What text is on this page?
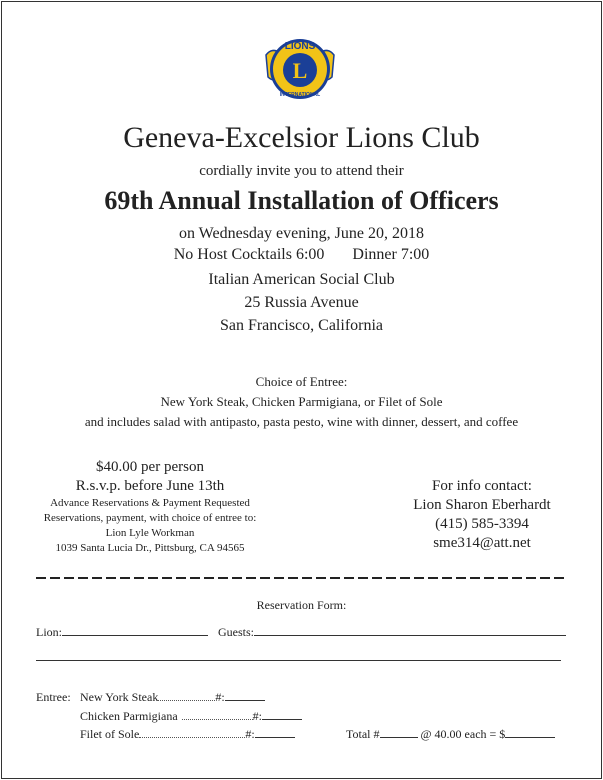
LIONS
L
INTERNATIONAL
Geneva-Excelsior Lions Club
cordially invite you to attend their
69th Annual Installation of Officers
on Wednesday evening, June 20, 2018
No Host Cocktails 6:00 Dinner 7:00
Italian American Social Club
25 Russia Avenue
San Francisco, California
Choice of Entree:
New York Steak, Chicken Parmigiana, or Filet of Sole
and includes salad with antipasto, pasta pesto, wine with dinner, dessert, and coffee
$40.00 per person
R.s.v.p. before June 13th
Advance Reservations & Payment Requested
Reservations, payment, with choice of entree to:
Lion Lyle Workman
1039 Santa Lucia Dr., Pittsburg, CA 94565
For info contact:
Lion Sharon Eberhardt
(415) 585-3394
sme314@att.net
Reservation Form:
Lion:	Guests:
Entree: New York Steak	#:
Chicken Parmigiana	#:
Filet of Sole	#:	Total #	@ 40.00 each = $
